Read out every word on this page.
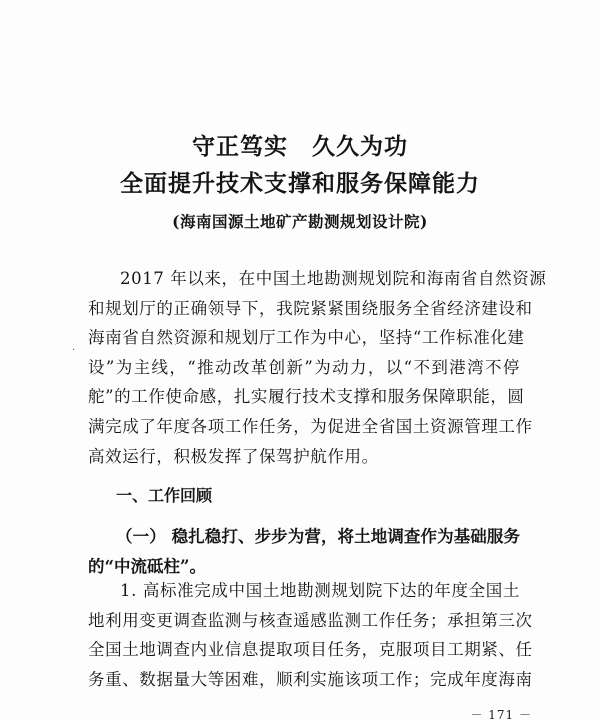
守正笃实　久久为功
全面提升技术支撑和服务保障能力
(海南国源土地矿产勘测规划设计院)
2017 年以来，在中国土地勘测规划院和海南省自然资源
和规划厅的正确领导下，我院紧紧围绕服务全省经济建设和
海南省自然资源和规划厅工作为中心，坚持“工作标准化建
设”为主线，“推动改革创新”为动力，以“不到港湾不停
舵”的工作使命感，扎实履行技术支撑和服务保障职能，圆
满完成了年度各项工作任务，为促进全省国土资源管理工作
高效运行，积极发挥了保驾护航作用。
.
一、工作回顾
（一） 稳扎稳打、步步为营，将土地调查作为基础服务
的“中流砥柱”。
1. 高标准完成中国土地勘测规划院下达的年度全国土
地利用变更调查监测与核查遥感监测工作任务；承担第三次
全国土地调查内业信息提取项目任务，克服项目工期紧、任
务重、数据量大等困难，顺利实施该项工作；完成年度海南
－ 171 －
